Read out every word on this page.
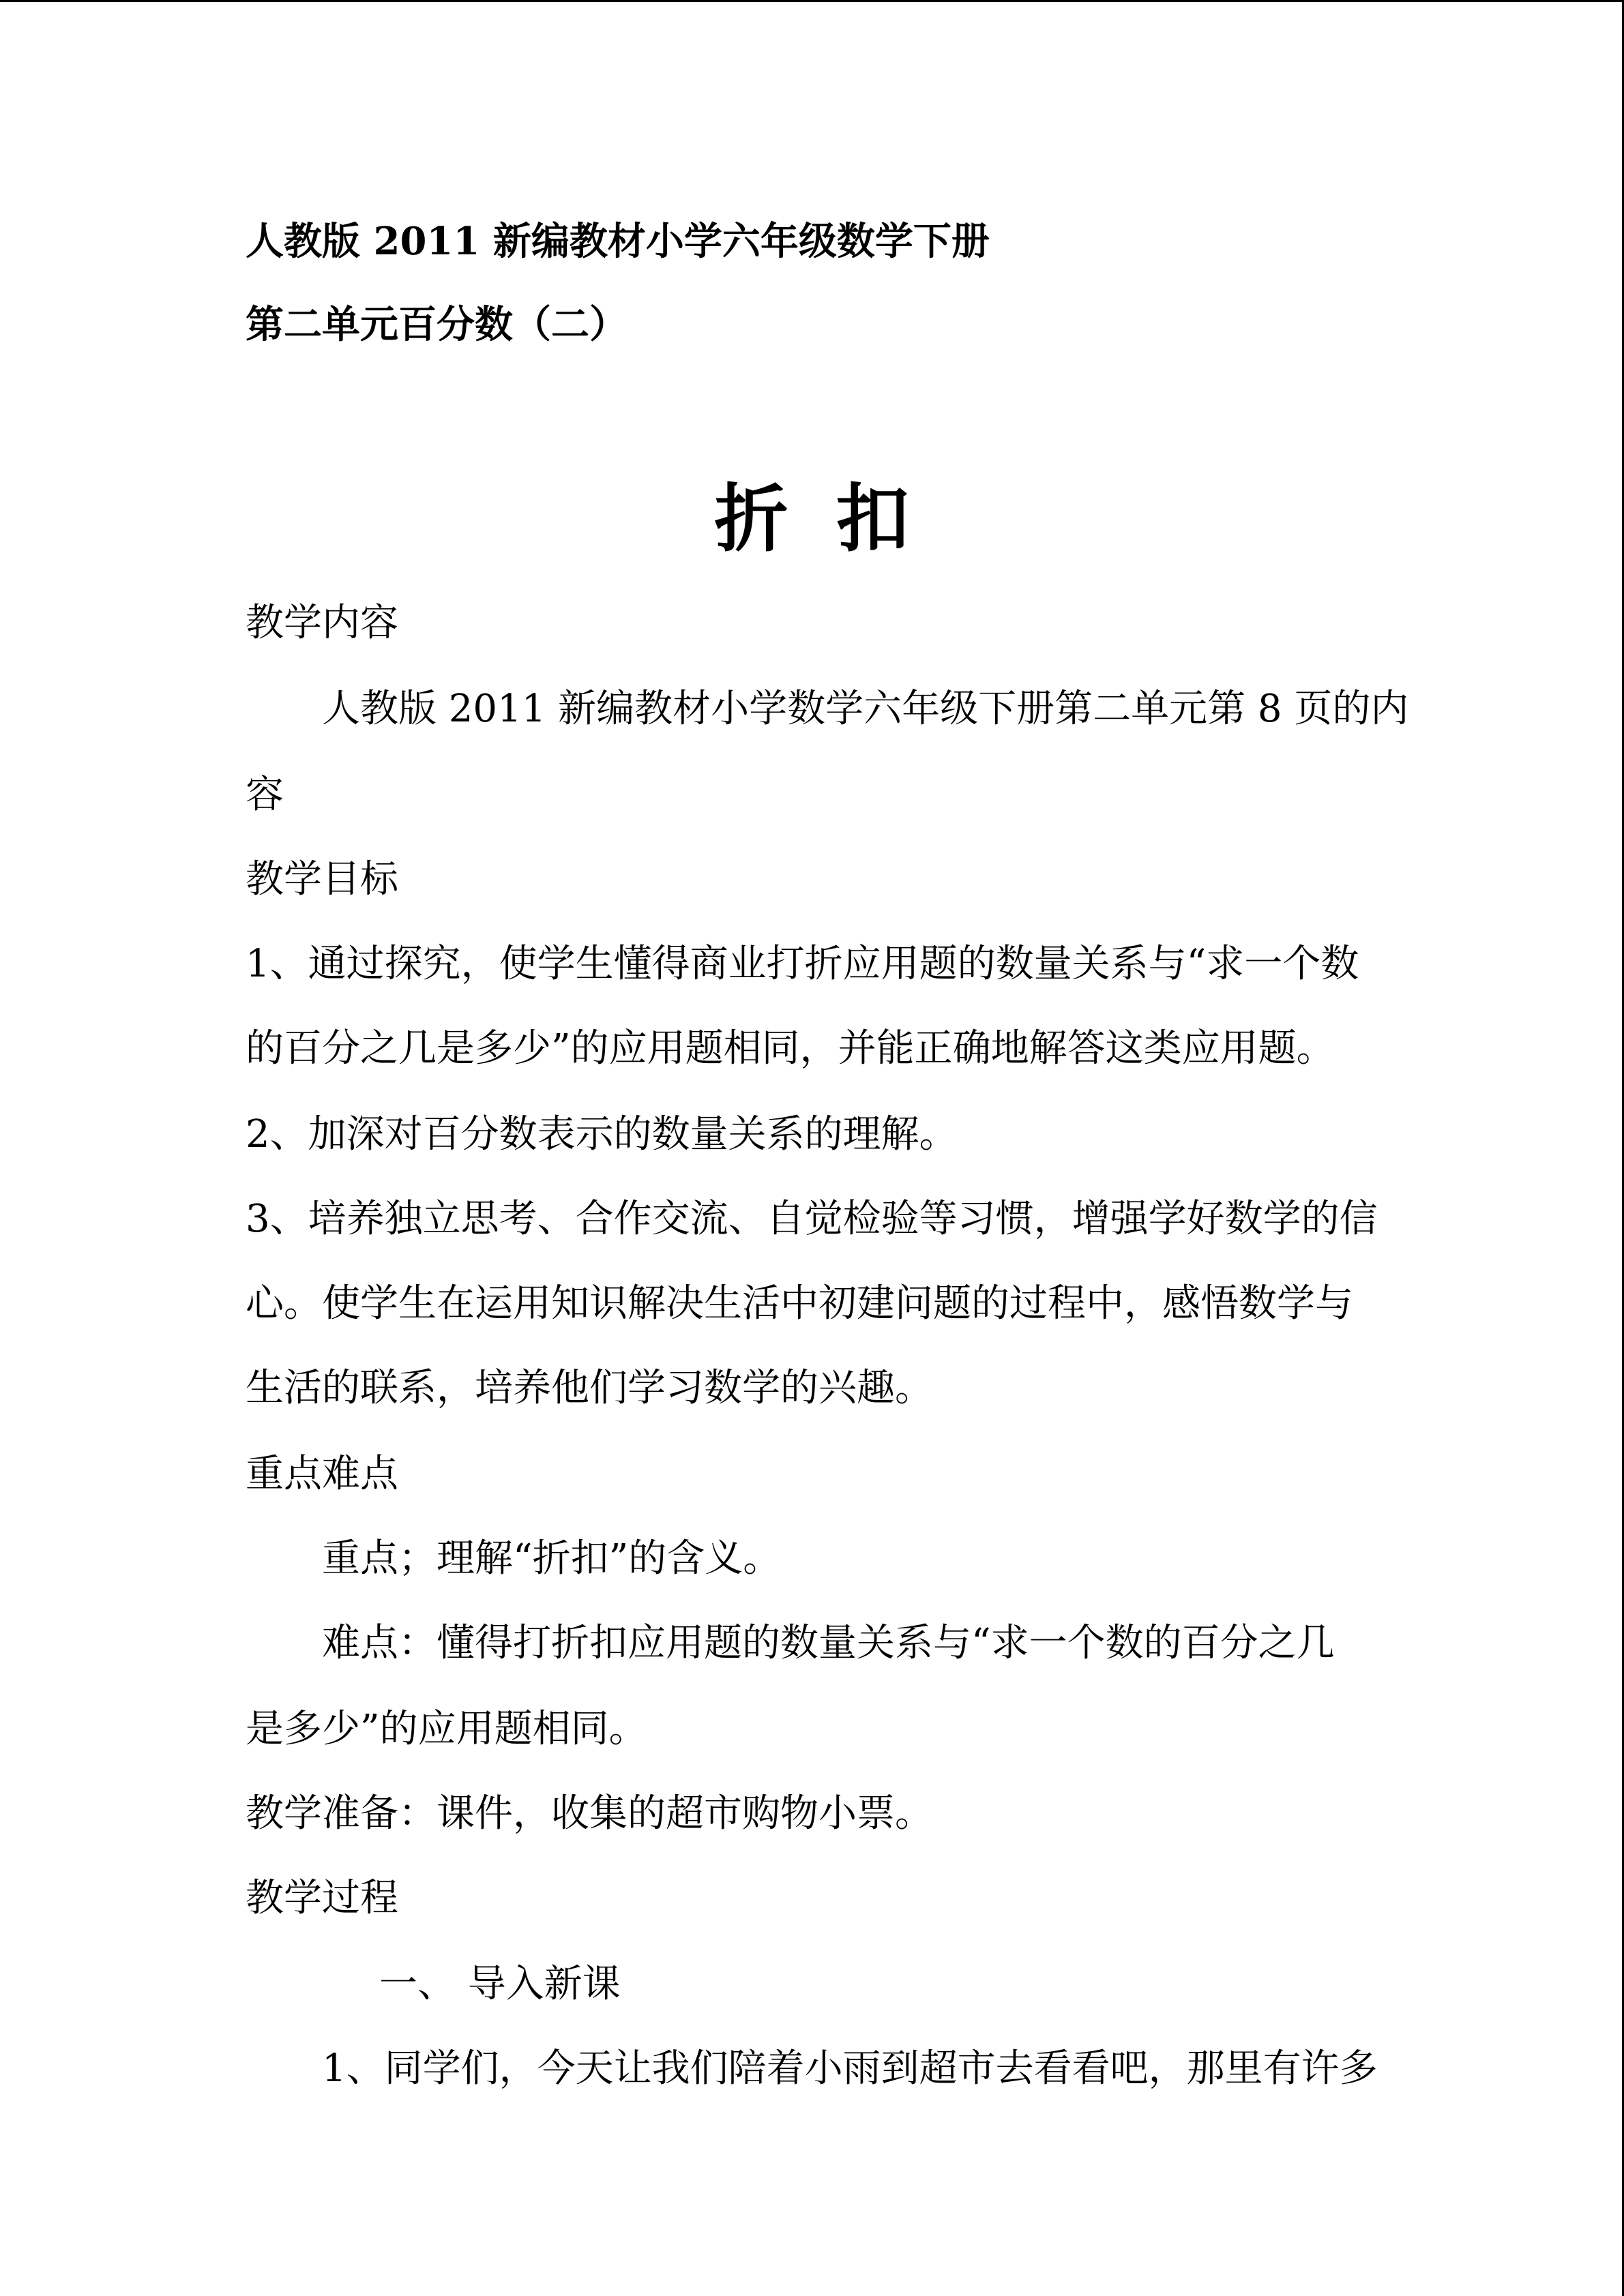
人教版 2011 新编教材小学六年级数学下册
第二单元百分数（二）
折扣
教学内容
人教版 2011 新编教材小学数学六年级下册第二单元第 8 页的内
容
教学目标
1、通过探究，使学生懂得商业打折应用题的数量关系与“求一个数
的百分之几是多少”的应用题相同，并能正确地解答这类应用题。
2、加深对百分数表示的数量关系的理解。
3、培养独立思考、合作交流、自觉检验等习惯，增强学好数学的信
心。使学生在运用知识解决生活中初建问题的过程中，感悟数学与
生活的联系，培养他们学习数学的兴趣。
重点难点
重点；理解“折扣”的含义。
难点：懂得打折扣应用题的数量关系与“求一个数的百分之几
是多少”的应用题相同。
教学准备：课件，收集的超市购物小票。
教学过程
一、 导入新课
1、同学们，今天让我们陪着小雨到超市去看看吧，那里有许多
